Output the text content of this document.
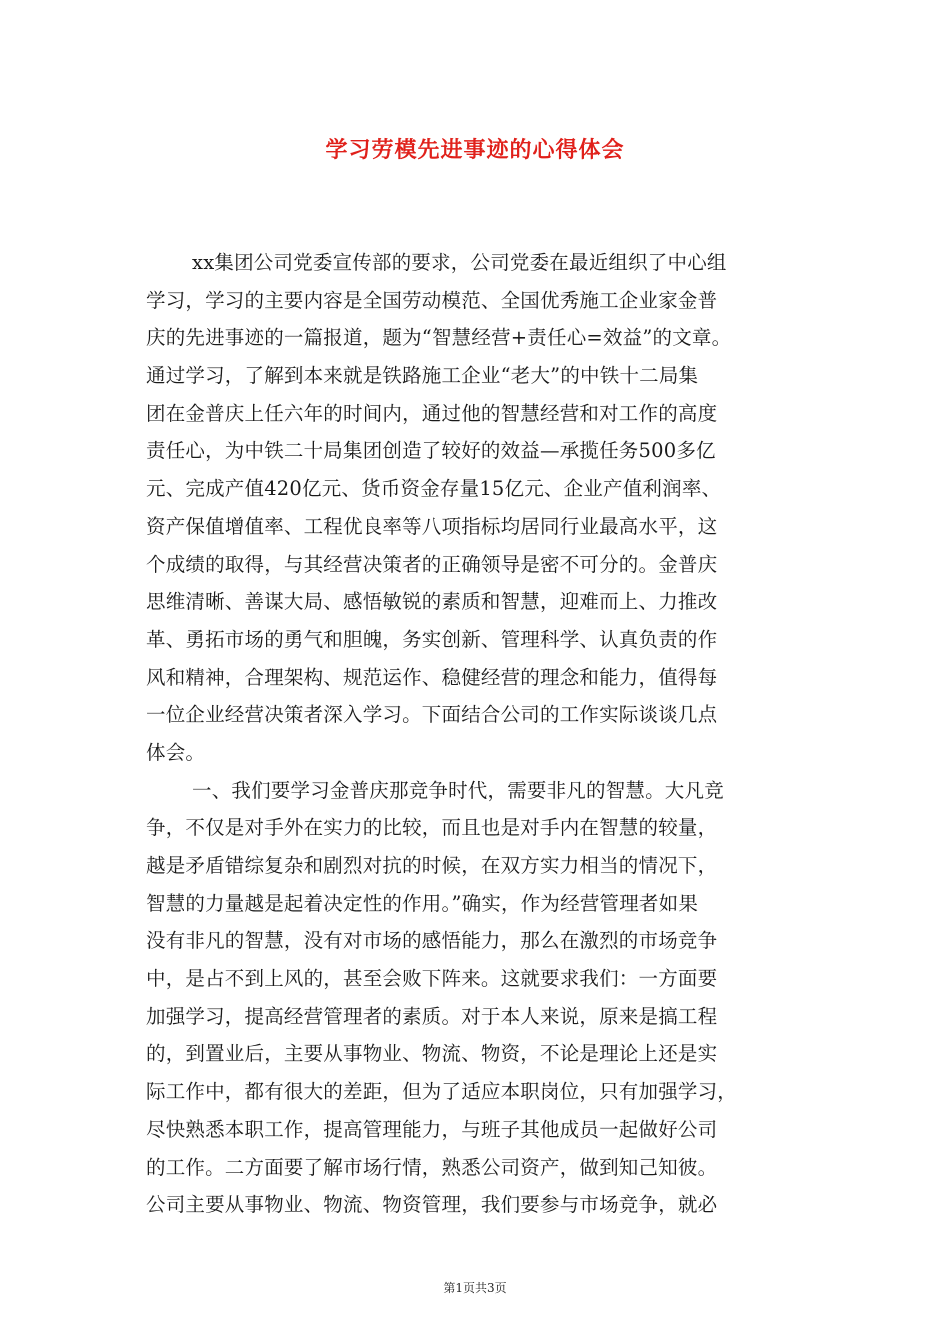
学习劳模先进事迹的心得体会
xx集团公司党委宣传部的要求，公司党委在最近组织了中心组
学习，学习的主要内容是全国劳动模范、全国优秀施工企业家金普
庆的先进事迹的一篇报道，题为“智慧经营+责任心=效益”的文章。
通过学习，了解到本来就是铁路施工企业“老大”的中铁十二局集
团在金普庆上任六年的时间内，通过他的智慧经营和对工作的高度
责任心，为中铁二十局集团创造了较好的效益—承揽任务500多亿
元、完成产值420亿元、货币资金存量15亿元、企业产值利润率、
资产保值增值率、工程优良率等八项指标均居同行业最高水平，这
个成绩的取得，与其经营决策者的正确领导是密不可分的。金普庆
思维清晰、善谋大局、感悟敏锐的素质和智慧，迎难而上、力推改
革、勇拓市场的勇气和胆魄，务实创新、管理科学、认真负责的作
风和精神，合理架构、规范运作、稳健经营的理念和能力，值得每
一位企业经营决策者深入学习。下面结合公司的工作实际谈谈几点
体会。
一、我们要学习金普庆那竞争时代，需要非凡的智慧。大凡竞
争，不仅是对手外在实力的比较，而且也是对手内在智慧的较量，
越是矛盾错综复杂和剧烈对抗的时候，在双方实力相当的情况下，
智慧的力量越是起着决定性的作用。”确实，作为经营管理者如果
没有非凡的智慧，没有对市场的感悟能力，那么在激烈的市场竞争
中，是占不到上风的，甚至会败下阵来。这就要求我们：一方面要
加强学习，提高经营管理者的素质。对于本人来说，原来是搞工程
的，到置业后，主要从事物业、物流、物资，不论是理论上还是实
际工作中，都有很大的差距，但为了适应本职岗位，只有加强学习，
尽快熟悉本职工作，提高管理能力，与班子其他成员一起做好公司
的工作。二方面要了解市场行情，熟悉公司资产，做到知己知彼。
公司主要从事物业、物流、物资管理，我们要参与市场竞争，就必
第1页共3页
